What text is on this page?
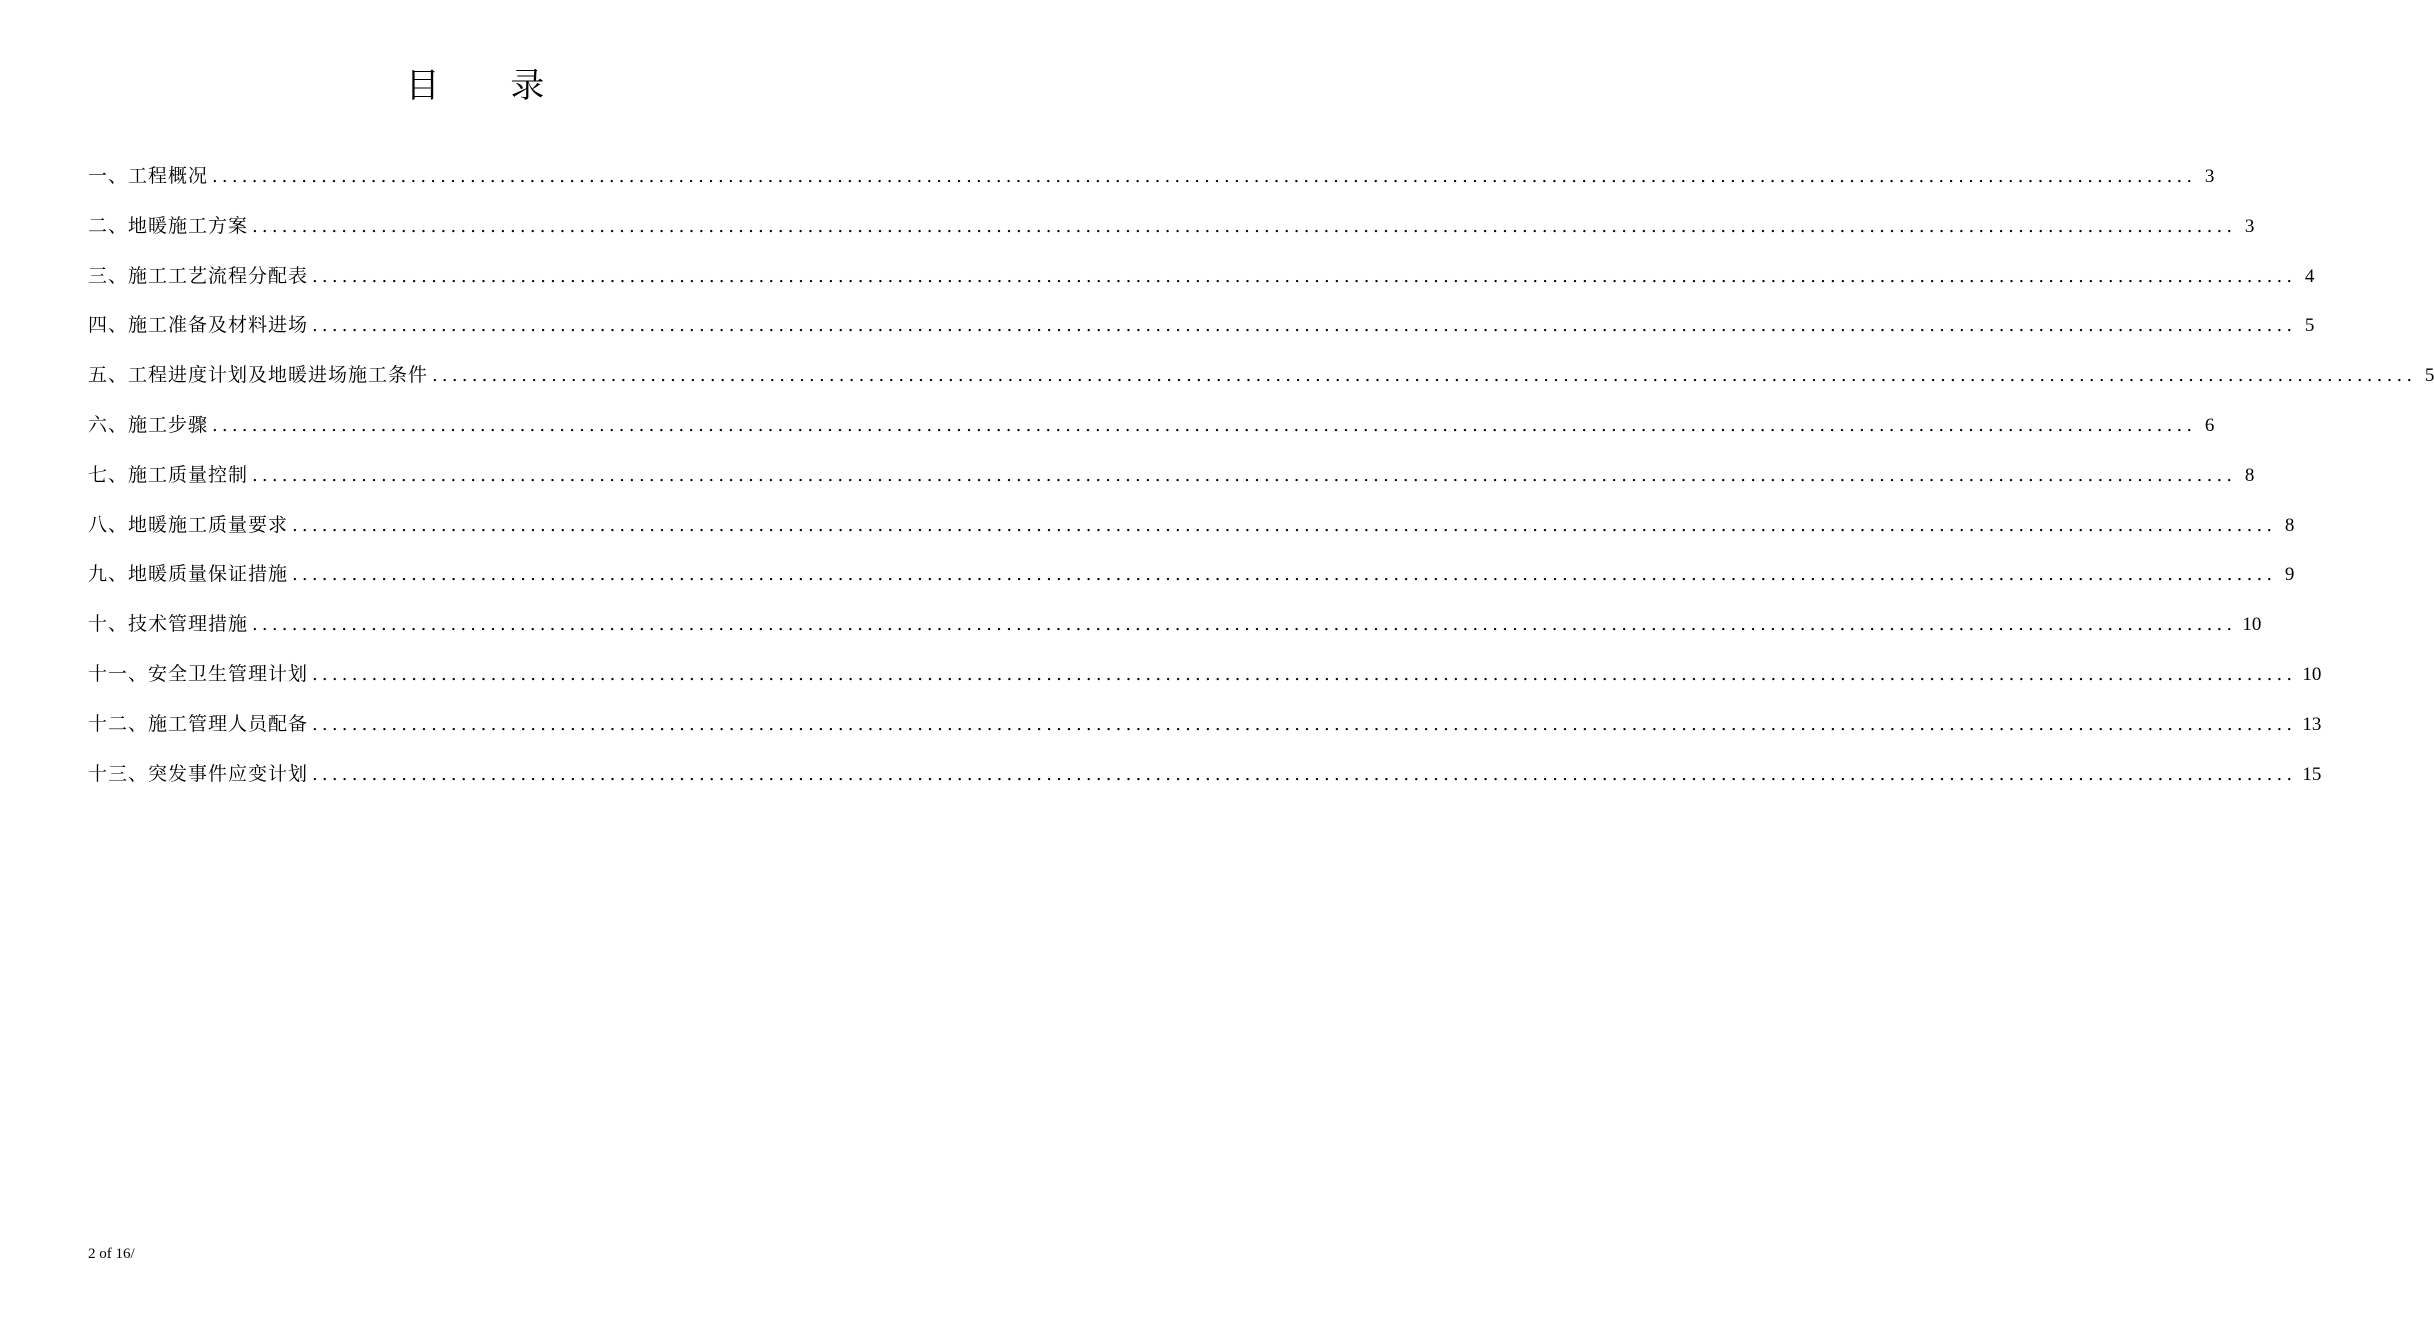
目 录
一、工程概况 ........................................................................................................................................................................................................ 3
二、地暖施工方案 ........................................................................................................................................................................................................ 3
三、施工工艺流程分配表 ........................................................................................................................................................................................................ 4
四、施工准备及材料进场 ........................................................................................................................................................................................................ 5
五、工程进度计划及地暖进场施工条件 ........................................................................................................................................................................................................ 5
六、施工步骤 ........................................................................................................................................................................................................ 6
七、施工质量控制 ........................................................................................................................................................................................................ 8
八、地暖施工质量要求 ........................................................................................................................................................................................................ 8
九、地暖质量保证措施 ........................................................................................................................................................................................................ 9
十、技术管理措施 ........................................................................................................................................................................................................ 10
十一、安全卫生管理计划 ........................................................................................................................................................................................................ 10
十二、施工管理人员配备 ........................................................................................................................................................................................................ 13
十三、突发事件应变计划 ........................................................................................................................................................................................................ 15
2 of 16/
